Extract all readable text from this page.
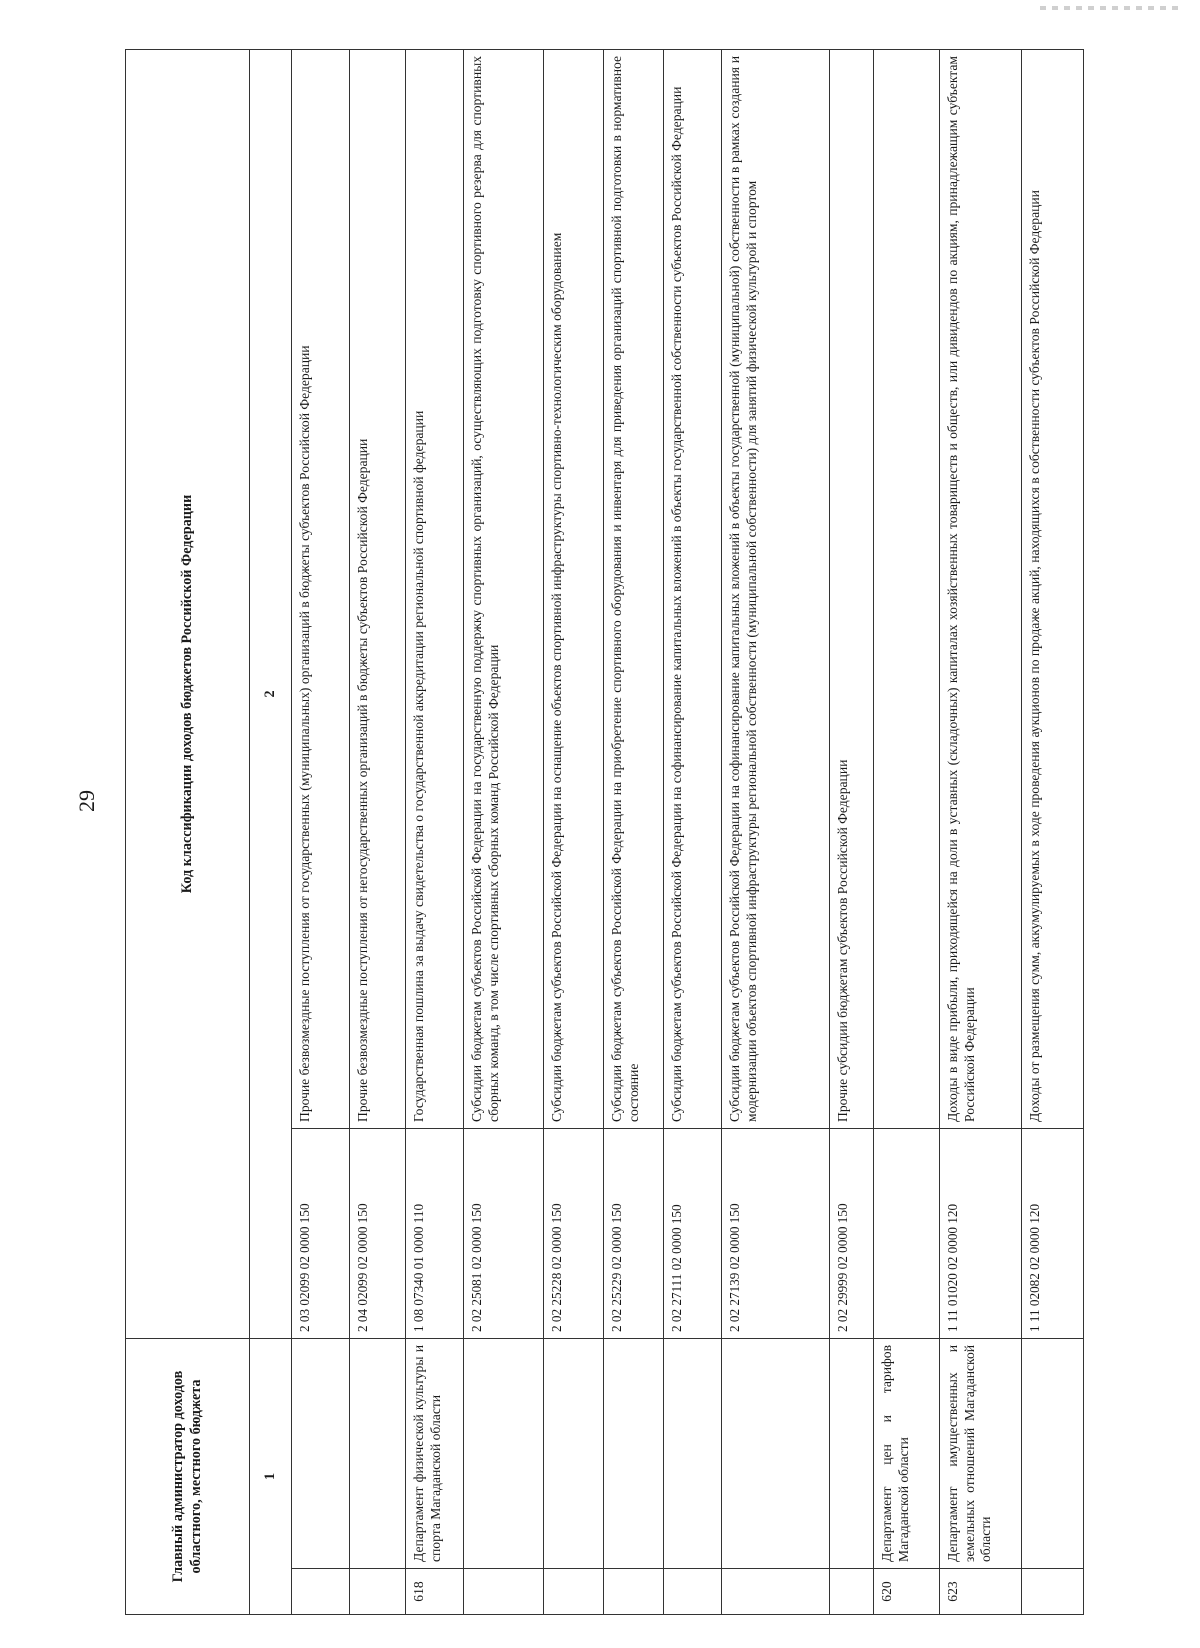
29
Главный администратор доходов областного, местного бюджета		Код классификации доходов бюджетов Российской Федерации	
1		2	
		2 03 02099 02 0000 150	Прочие безвозмездные поступления от государственных (муниципальных) организаций в бюджеты субъектов Российской Федерации
		2 04 02099 02 0000 150	Прочие безвозмездные поступления от негосударственных организаций в бюджеты субъектов Российской Федерации
618	Департамент физической культуры и спорта Магаданской области	1 08 07340 01 0000 110	Государственная пошлина за выдачу свидетельства о государственной аккредитации региональной спортивной федерации
		2 02 25081 02 0000 150	Субсидии бюджетам субъектов Российской Федерации на государственную поддержку спортивных организаций, осуществляющих подготовку спортивного резерва для спортивных сборных команд, в том числе спортивных сборных команд Российской Федерации
		2 02 25228 02 0000 150	Субсидии бюджетам субъектов Российской Федерации на оснащение объектов спортивной инфраструктуры спортивно-технологическим оборудованием
		2 02 25229 02 0000 150	Субсидии бюджетам субъектов Российской Федерации на приобретение спортивного оборудования и инвентаря для приведения организаций спортивной подготовки в нормативное состояние
		2 02 27111 02 0000 150	Субсидии бюджетам субъектов Российской Федерации на софинансирование капитальных вложений в объекты государственной собственности субъектов Российской Федерации
		2 02 27139 02 0000 150	Субсидии бюджетам субъектов Российской Федерации на софинансирование капитальных вложений в объекты государственной (муниципальной) собственности в рамках создания и модернизации объектов спортивной инфраструктуры региональной собственности (муниципальной собственности) для занятий физической культурой и спортом
		2 02 29999 02 0000 150	Прочие субсидии бюджетам субъектов Российской Федерации
620	Департамент цен и тарифов Магаданской области		
623	Департамент имущественных и земельных отношений Магаданской области	1 11 01020 02 0000 120	Доходы в виде прибыли, приходящейся на доли в уставных (складочных) капиталах хозяйственных товариществ и обществ, или дивидендов по акциям, принадлежащим субъектам Российской Федерации
		1 11 02082 02 0000 120	Доходы от размещения сумм, аккумулируемых в ходе проведения аукционов по продаже акций, находящихся в собственности субъектов Российской Федерации
